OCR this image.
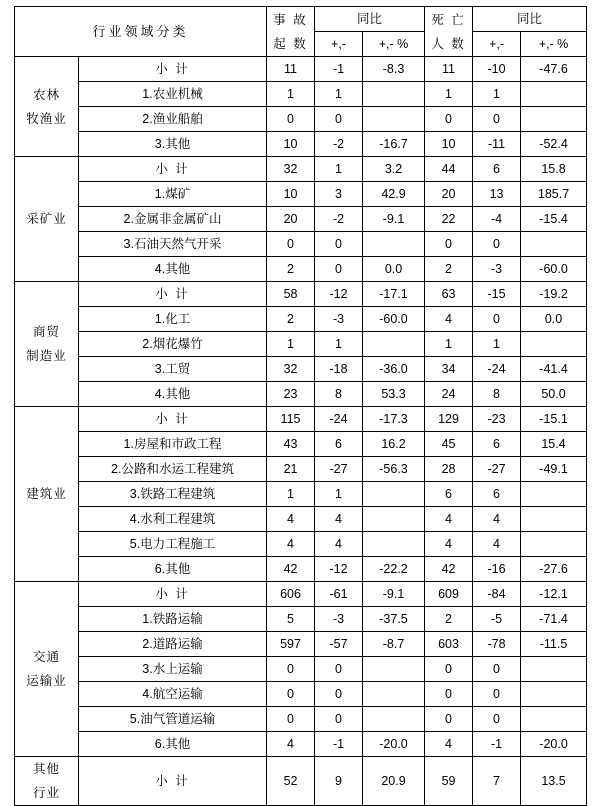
行业领域分类		事 故
起 数	同比		死 亡
人 数	同比	
			+,-	+,- %		+,-	+,- %

农林
牧渔业	小 计	11	-1	-8.3	11	-10	-47.6
	1.农业机械	1	1		1	1	
	2.渔业船舶	0	0		0	0	
	3.其他	10	-2	-16.7	10	-11	-52.4

采矿业	小 计	32	1	3.2	44	6	15.8
	1.煤矿	10	3	42.9	20	13	185.7
	2.金属非金属矿山	20	-2	-9.1	22	-4	-15.4
	3.石油天然气开采	0	0		0	0	
	4.其他	2	0	0.0	2	-3	-60.0

商贸
制造业	小 计	58	-12	-17.1	63	-15	-19.2
	1.化工	2	-3	-60.0	4	0	0.0
	2.烟花爆竹	1	1		1	1	
	3.工贸	32	-18	-36.0	34	-24	-41.4
	4.其他	23	8	53.3	24	8	50.0

建筑业	小 计	115	-24	-17.3	129	-23	-15.1
	1.房屋和市政工程	43	6	16.2	45	6	15.4
	2.公路和水运工程建筑	21	-27	-56.3	28	-27	-49.1
	3.铁路工程建筑	1	1		6	6	
	4.水利工程建筑	4	4		4	4	
	5.电力工程施工	4	4		4	4	
	6.其他	42	-12	-22.2	42	-16	-27.6

交通
运输业	小 计	606	-61	-9.1	609	-84	-12.1
	1.铁路运输	5	-3	-37.5	2	-5	-71.4
	2.道路运输	597	-57	-8.7	603	-78	-11.5
	3.水上运输	0	0		0	0	
	4.航空运输	0	0		0	0	
	5.油气管道运输	0	0		0	0	
	6.其他	4	-1	-20.0	4	-1	-20.0

其他
行业	小 计	52	9	20.9	59	7	13.5
